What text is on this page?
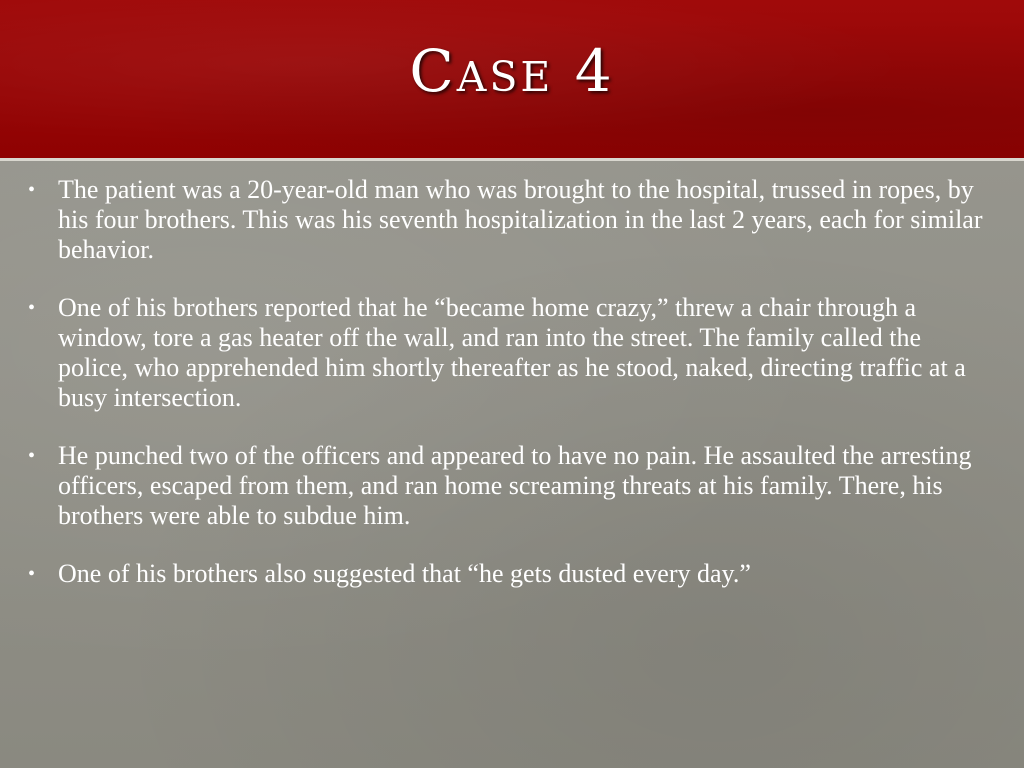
Case 4
• The patient was a 20-year-old man who was brought to the hospital, trussed in ropes, by his four brothers. This was his seventh hospitalization in the last 2 years, each for similar behavior.
• One of his brothers reported that he “became home crazy,” threw a chair through a window, tore a gas heater off the wall, and ran into the street. The family called the police, who apprehended him shortly thereafter as he stood, naked, directing traffic at a busy intersection.
• He punched two of the officers and appeared to have no pain. He assaulted the arresting officers, escaped from them, and ran home screaming threats at his family. There, his brothers were able to subdue him.
• One of his brothers also suggested that “he gets dusted every day.”
